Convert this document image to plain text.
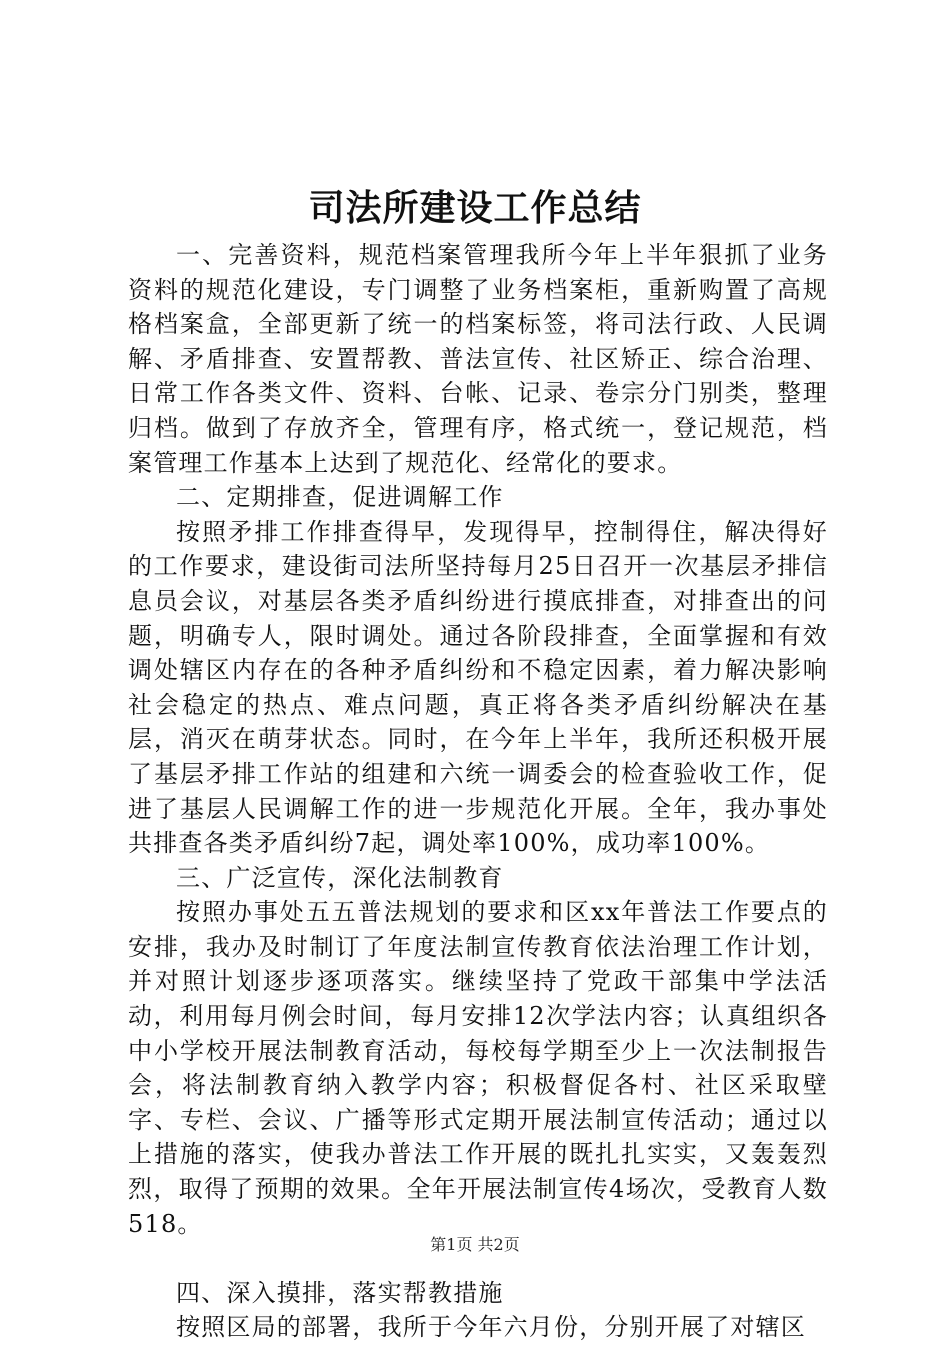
司法所建设工作总结

一、完善资料，规范档案管理我所今年上半年狠抓了业务资料的规范化建设，专门调整了业务档案柜，重新购置了高规格档案盒，全部更新了统一的档案标签，将司法行政、人民调解、矛盾排查、安置帮教、普法宣传、社区矫正、综合治理、日常工作各类文件、资料、台帐、记录、卷宗分门别类，整理归档。做到了存放齐全，管理有序，格式统一，登记规范，档案管理工作基本上达到了规范化、经常化的要求。

二、定期排查，促进调解工作

按照矛排工作排查得早，发现得早，控制得住，解决得好的工作要求，建设街司法所坚持每月25日召开一次基层矛排信息员会议，对基层各类矛盾纠纷进行摸底排查，对排查出的问题，明确专人，限时调处。通过各阶段排查，全面掌握和有效调处辖区内存在的各种矛盾纠纷和不稳定因素，着力解决影响社会稳定的热点、难点问题，真正将各类矛盾纠纷解决在基层，消灭在萌芽状态。同时，在今年上半年，我所还积极开展了基层矛排工作站的组建和六统一调委会的检查验收工作，促进了基层人民调解工作的进一步规范化开展。全年，我办事处共排查各类矛盾纠纷7起，调处率100%，成功率100%。

三、广泛宣传，深化法制教育

按照办事处五五普法规划的要求和区xx年普法工作要点的安排，我办及时制订了年度法制宣传教育依法治理工作计划，并对照计划逐步逐项落实。继续坚持了党政干部集中学法活动，利用每月例会时间，每月安排12次学法内容；认真组织各中小学校开展法制教育活动，每校每学期至少上一次法制报告会，将法制教育纳入教学内容；积极督促各村、社区采取壁字、专栏、会议、广播等形式定期开展法制宣传活动；通过以上措施的落实，使我办普法工作开展的既扎扎实实，又轰轰烈烈，取得了预期的效果。全年开展法制宣传4场次，受教育人数518。

四、深入摸排，落实帮教措施

按照区局的部署，我所于今年六月份，分别开展了对辖区

第1页 共2页
